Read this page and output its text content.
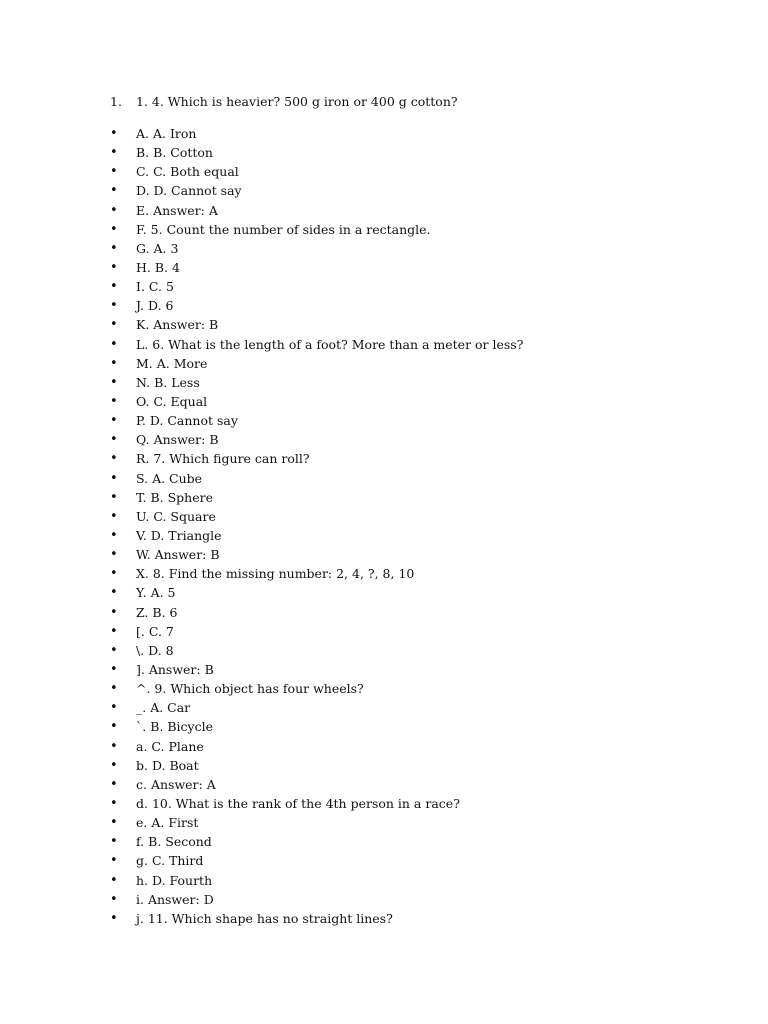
1.	1. 4. Which is heavier? 500 g iron or 400 g cotton?
•
A. A. Iron
•
B. B. Cotton
•
C. C. Both equal
•
D. D. Cannot say
•
E. Answer: A
•
F. 5. Count the number of sides in a rectangle.
•
G. A. 3
•
H. B. 4
•
I. C. 5
•
J. D. 6
•
K. Answer: B
•
L. 6. What is the length of a foot? More than a meter or less?
•
M. A. More
•
N. B. Less
•
O. C. Equal
•
P. D. Cannot say
•
Q. Answer: B
•
R. 7. Which figure can roll?
•
S. A. Cube
•
T. B. Sphere
•
U. C. Square
•
V. D. Triangle
•
W. Answer: B
•
X. 8. Find the missing number: 2, 4, ?, 8, 10
•
Y. A. 5
•
Z. B. 6
•
[. C. 7
•
\. D. 8
•
]. Answer: B
•
^. 9. Which object has four wheels?
•
_. A. Car
•
`. B. Bicycle
•
a. C. Plane
•
b. D. Boat
•
c. Answer: A
•
d. 10. What is the rank of the 4th person in a race?
•
e. A. First
•
f. B. Second
•
g. C. Third
•
h. D. Fourth
•
i. Answer: D
•
j. 11. Which shape has no straight lines?
